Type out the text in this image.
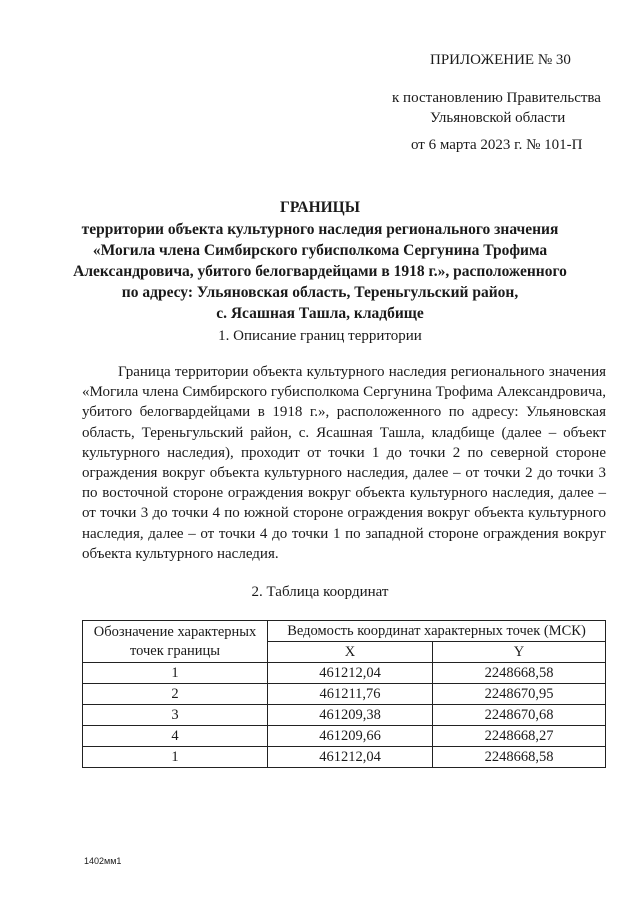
ПРИЛОЖЕНИЕ № 30
к постановлению Правительства
Ульяновской области
от 6 марта 2023 г. № 101-П
ГРАНИЦЫ
территории объекта культурного наследия регионального значения
«Могила члена Симбирского губисполкома Сергунина Трофима
Александровича, убитого белогвардейцами в 1918 г.», расположенного
по адресу: Ульяновская область, Тереньгульский район,
с. Ясашная Ташла, кладбище
1. Описание границ территории
Граница территории объекта культурного наследия регионального значения «Могила члена Симбирского губисполкома Сергунина Трофима Александровича, убитого белогвардейцами в 1918 г.», расположенного по адресу: Ульяновская область, Тереньгульский район, с. Ясашная Ташла, кладбище (далее – объект культурного наследия), проходит от точки 1 до точки 2 по северной стороне ограждения вокруг объекта культурного наследия, далее – от точки 2 до точки 3 по восточной стороне ограждения вокруг объекта культурного наследия, далее – от точки 3 до точки 4 по южной стороне ограждения вокруг объекта культурного наследия, далее – от точки 4 до точки 1 по западной стороне ограждения вокруг объекта культурного наследия.
2. Таблица координат
Обозначение характерных точек границы	Ведомость координат характерных точек (МСК)	
	X	Y
1	461212,04	2248668,58
2	461211,76	2248670,95
3	461209,38	2248670,68
4	461209,66	2248668,27
1	461212,04	2248668,58
1402мм1
